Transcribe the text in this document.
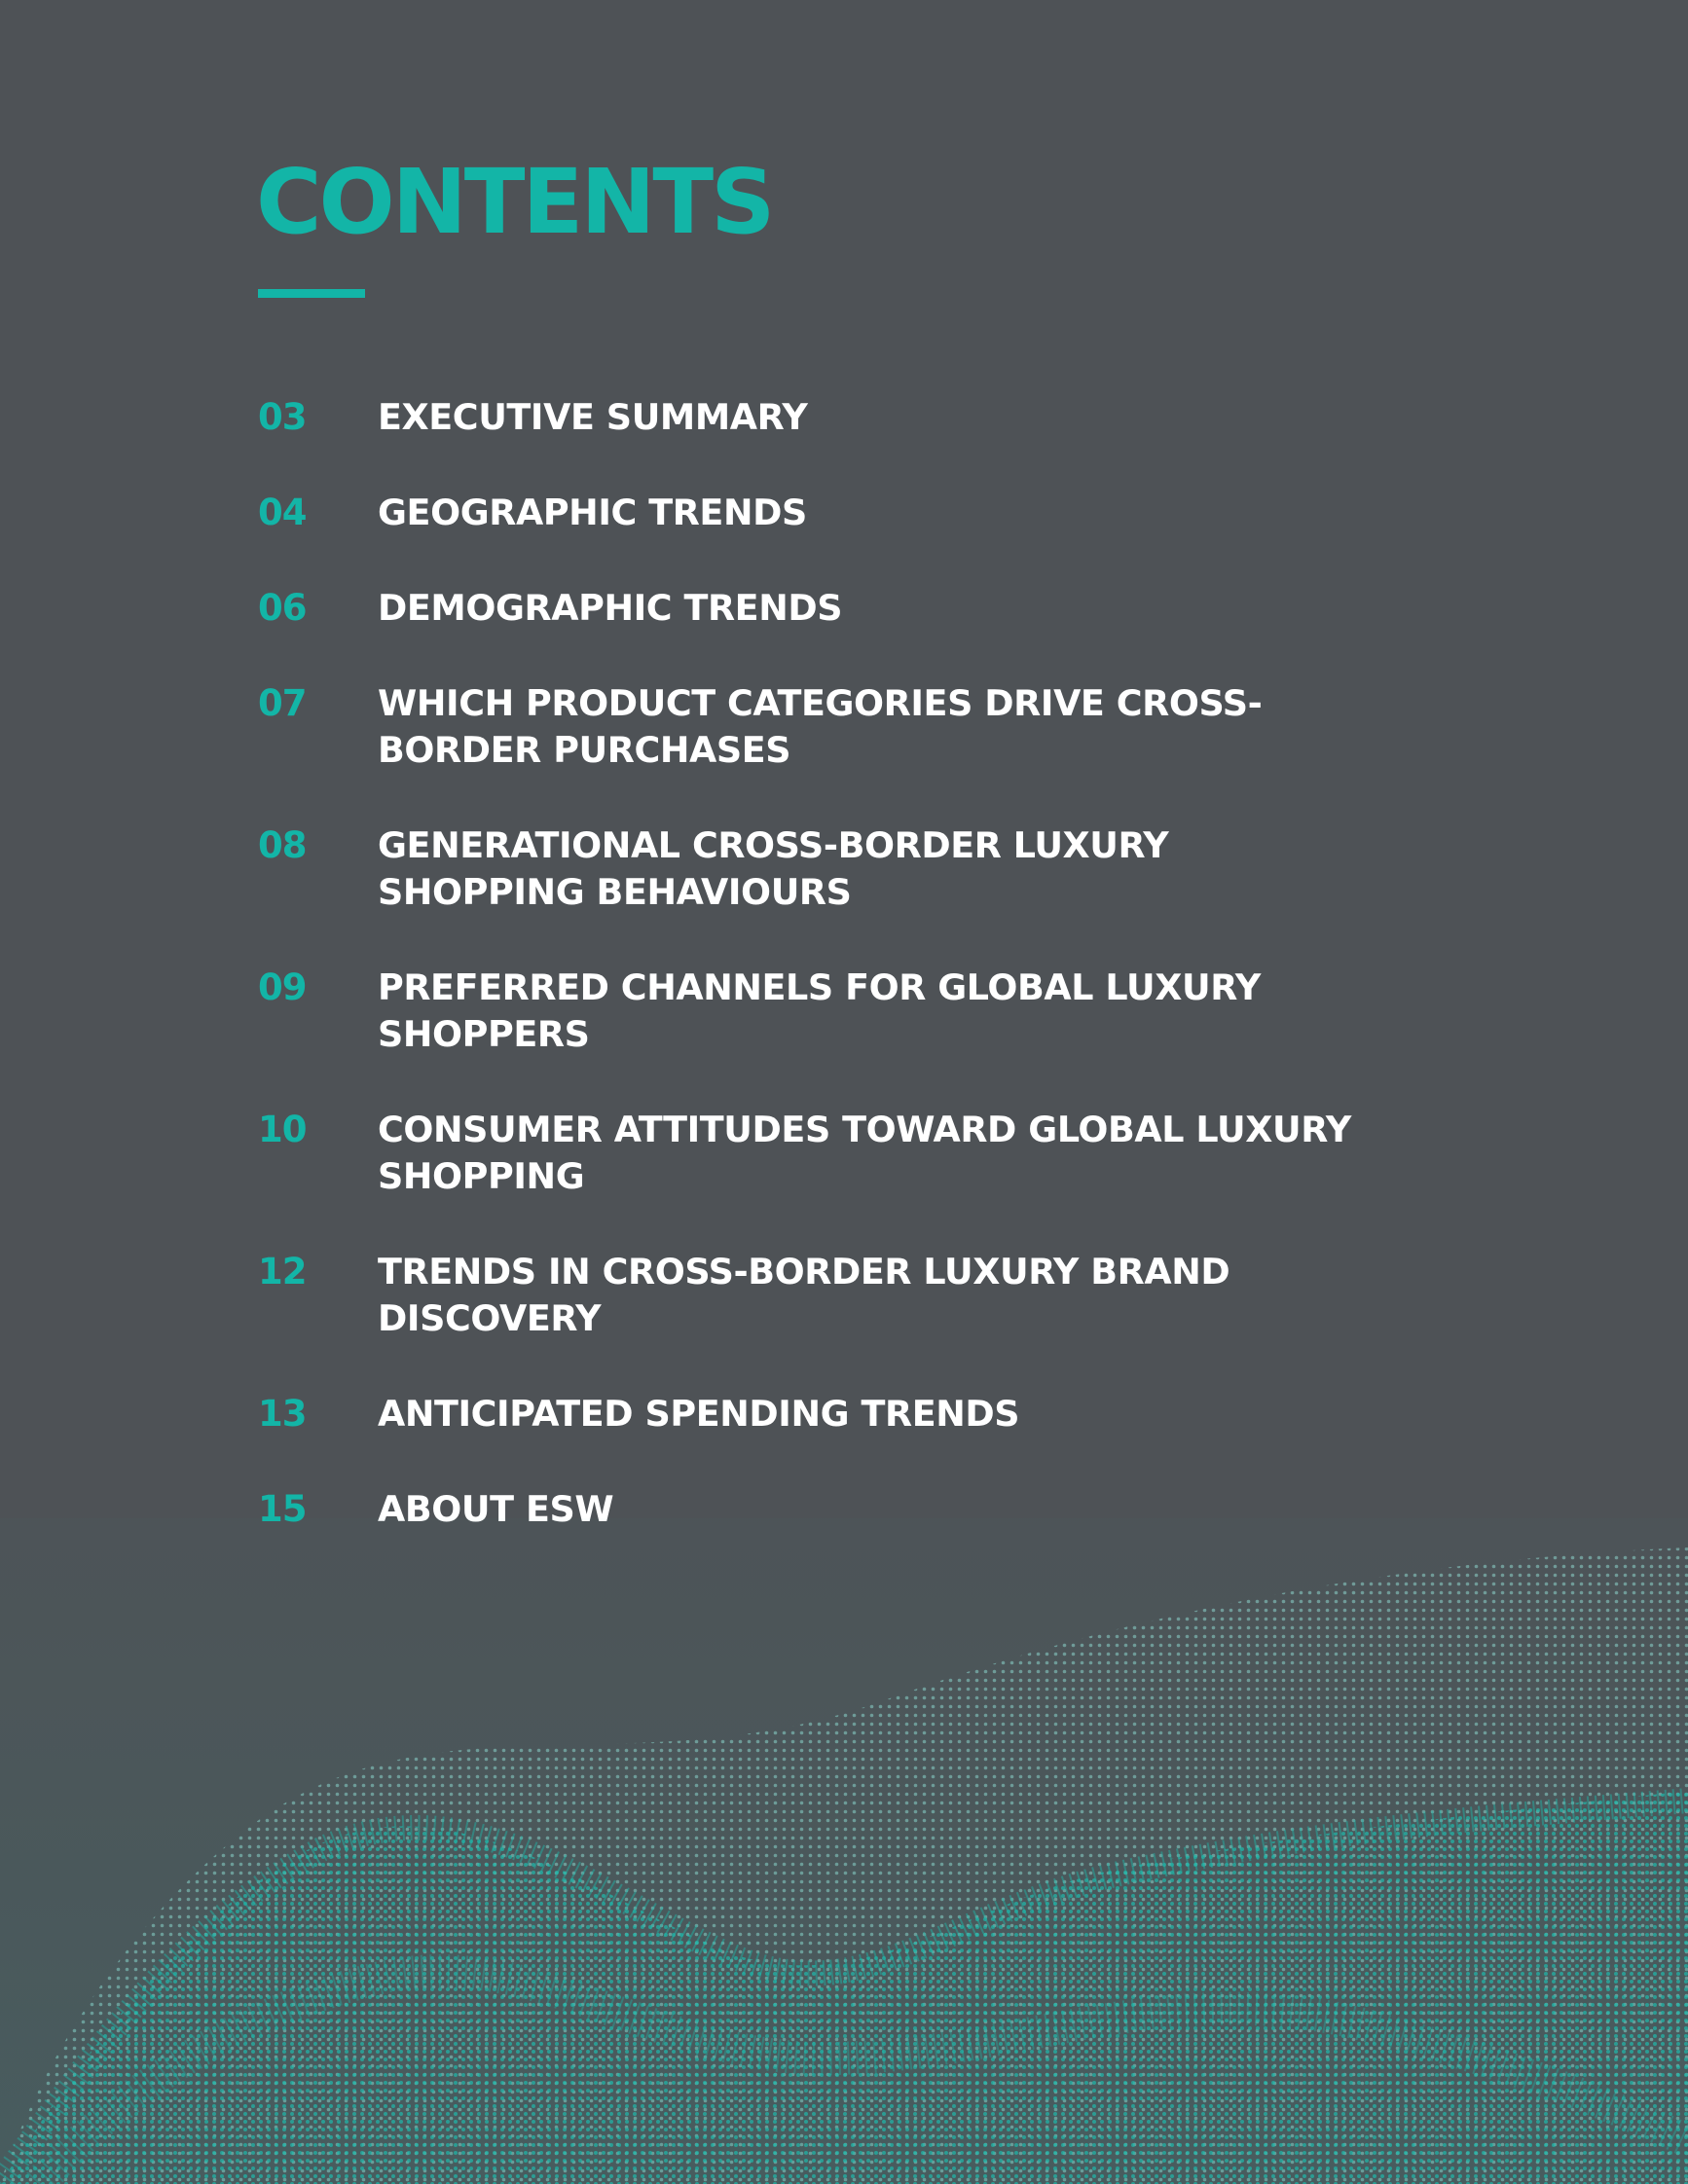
CONTENTS
03	EXECUTIVE SUMMARY
04	GEOGRAPHIC TRENDS
06	DEMOGRAPHIC TRENDS
07	WHICH PRODUCT CATEGORIES DRIVE CROSS-
BORDER PURCHASES
08	GENERATIONAL CROSS-BORDER LUXURY
SHOPPING BEHAVIOURS
09	PREFERRED CHANNELS FOR GLOBAL LUXURY
SHOPPERS
10	CONSUMER ATTITUDES TOWARD GLOBAL LUXURY
SHOPPING
12	TRENDS IN CROSS-BORDER LUXURY BRAND
DISCOVERY
13	ANTICIPATED SPENDING TRENDS
15	ABOUT ESW
